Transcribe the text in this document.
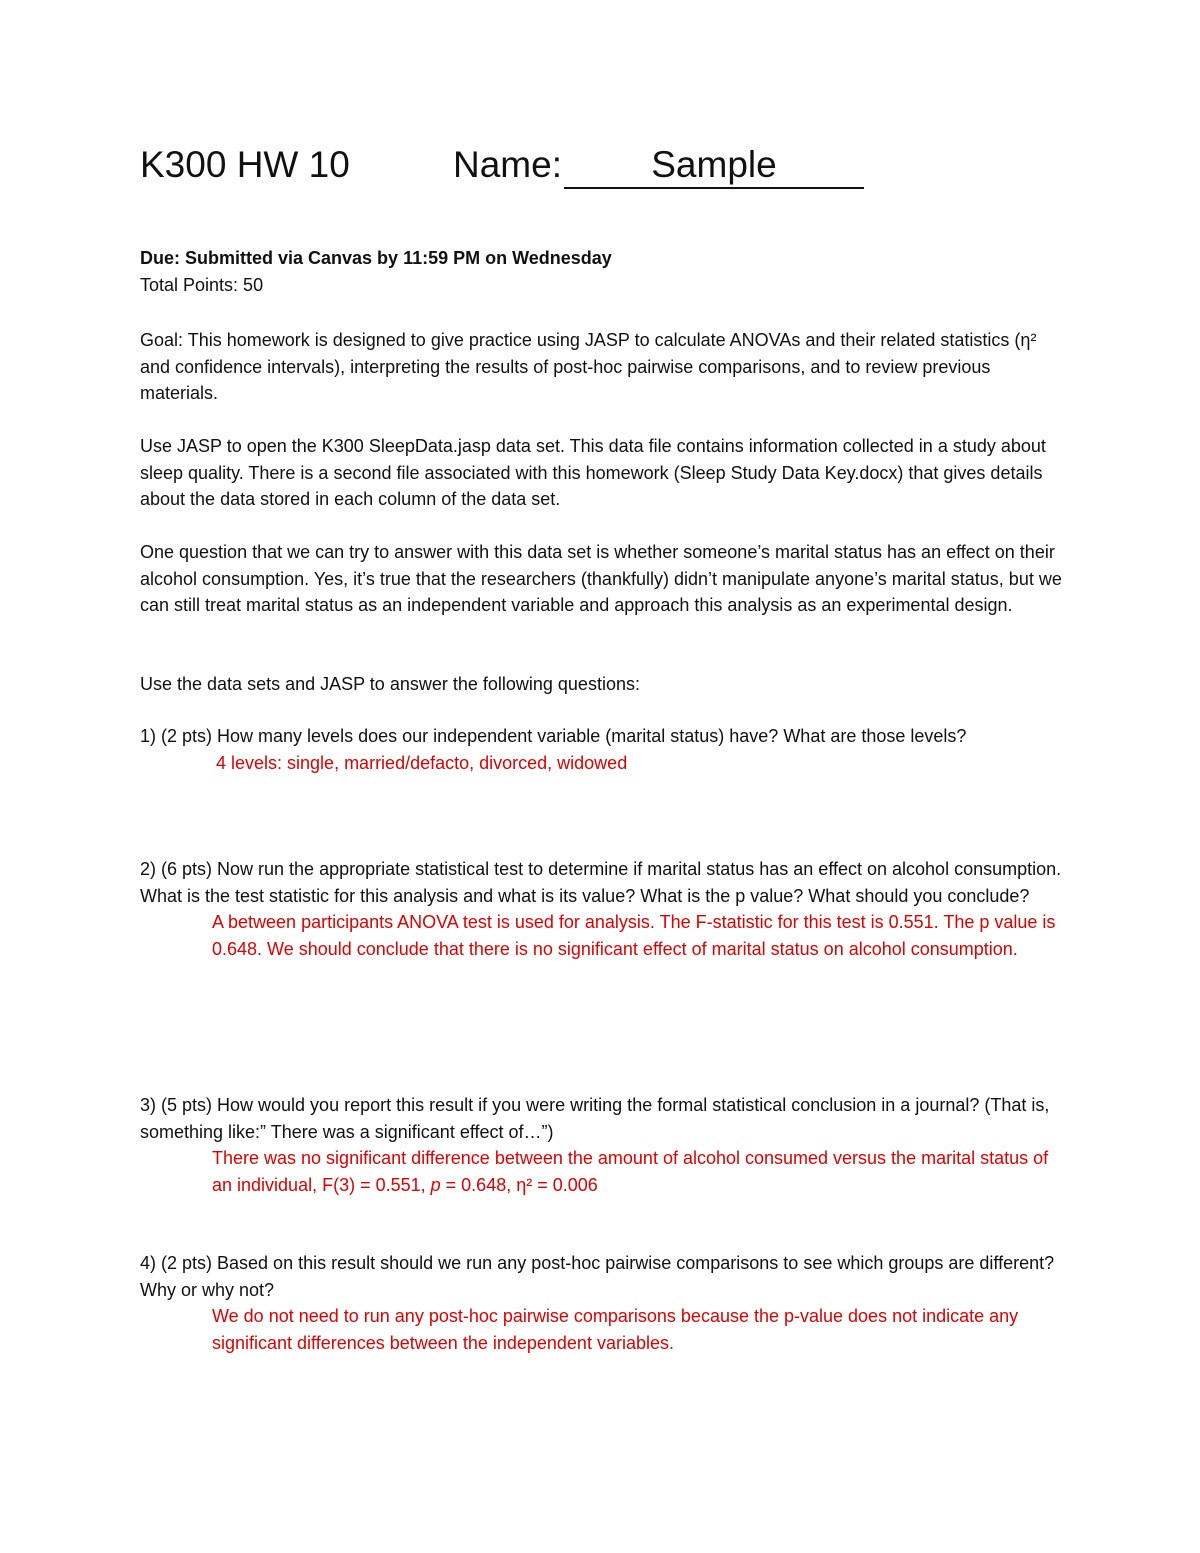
K300 HW 10	Name: Sample
Due: Submitted via Canvas by 11:59 PM on Wednesday
Total Points: 50
Goal: This homework is designed to give practice using JASP to calculate ANOVAs and their related statistics (η² and confidence intervals), interpreting the results of post-hoc pairwise comparisons, and to review previous materials.
Use JASP to open the K300 SleepData.jasp data set. This data file contains information collected in a study about sleep quality. There is a second file associated with this homework (Sleep Study Data Key.docx) that gives details about the data stored in each column of the data set.
One question that we can try to answer with this data set is whether someone’s marital status has an effect on their alcohol consumption. Yes, it’s true that the researchers (thankfully) didn’t manipulate anyone’s marital status, but we can still treat marital status as an independent variable and approach this analysis as an experimental design.
Use the data sets and JASP to answer the following questions:
1) (2 pts) How many levels does our independent variable (marital status) have? What are those levels?
4 levels: single, married/defacto, divorced, widowed
2) (6 pts) Now run the appropriate statistical test to determine if marital status has an effect on alcohol consumption. What is the test statistic for this analysis and what is its value? What is the p value? What should you conclude?
A between participants ANOVA test is used for analysis. The F-statistic for this test is 0.551. The p value is 0.648. We should conclude that there is no significant effect of marital status on alcohol consumption.
3) (5 pts) How would you report this result if you were writing the formal statistical conclusion in a journal? (That is, something like:” There was a significant effect of…”)
There was no significant difference between the amount of alcohol consumed versus the marital status of an individual, F(3) = 0.551, p = 0.648, η² = 0.006
4) (2 pts) Based on this result should we run any post-hoc pairwise comparisons to see which groups are different? Why or why not?
We do not need to run any post-hoc pairwise comparisons because the p-value does not indicate any significant differences between the independent variables.
